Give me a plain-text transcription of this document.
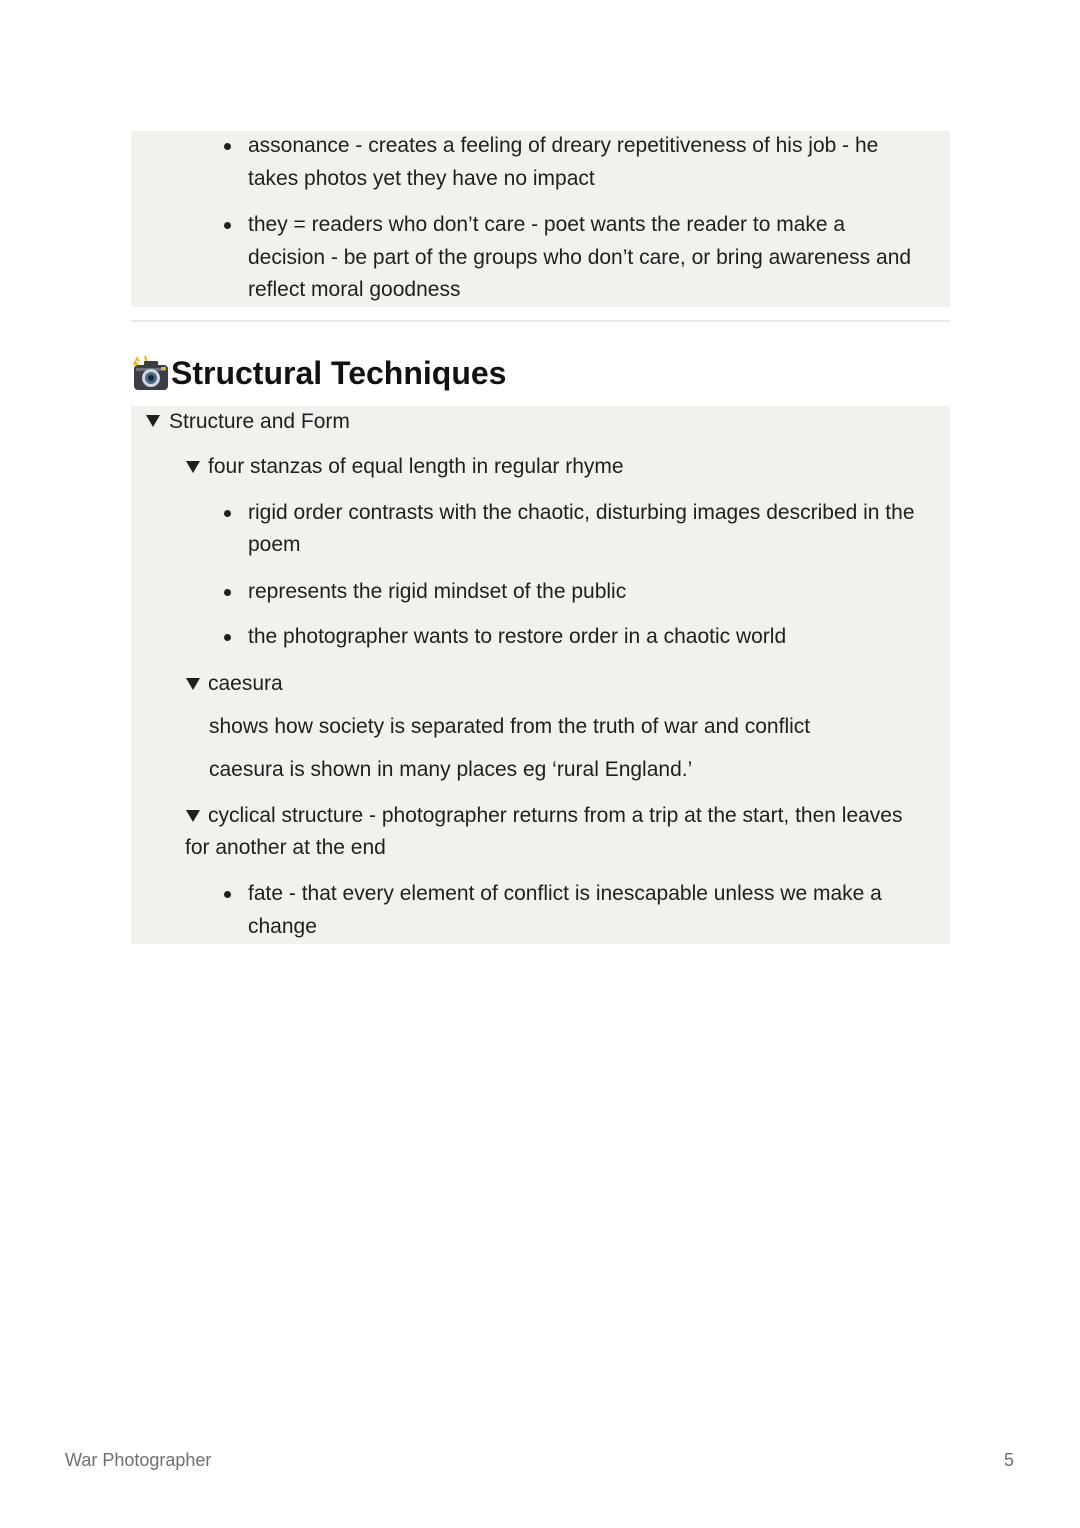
assonance - creates a feeling of dreary repetitiveness of his job - he
takes photos yet they have no impact
they = readers who don’t care - poet wants the reader to make a
decision - be part of the groups who don’t care, or bring awareness and
reflect moral goodness
Structural Techniques
Structure and Form
four stanzas of equal length in regular rhyme
rigid order contrasts with the chaotic, disturbing images described in the
poem
represents the rigid mindset of the public
the photographer wants to restore order in a chaotic world
caesura
shows how society is separated from the truth of war and conflict
caesura is shown in many places eg ‘rural England.’
cyclical structure - photographer returns from a trip at the start, then leaves
for another at the end
fate - that every element of conflict is inescapable unless we make a
change
War Photographer	5
